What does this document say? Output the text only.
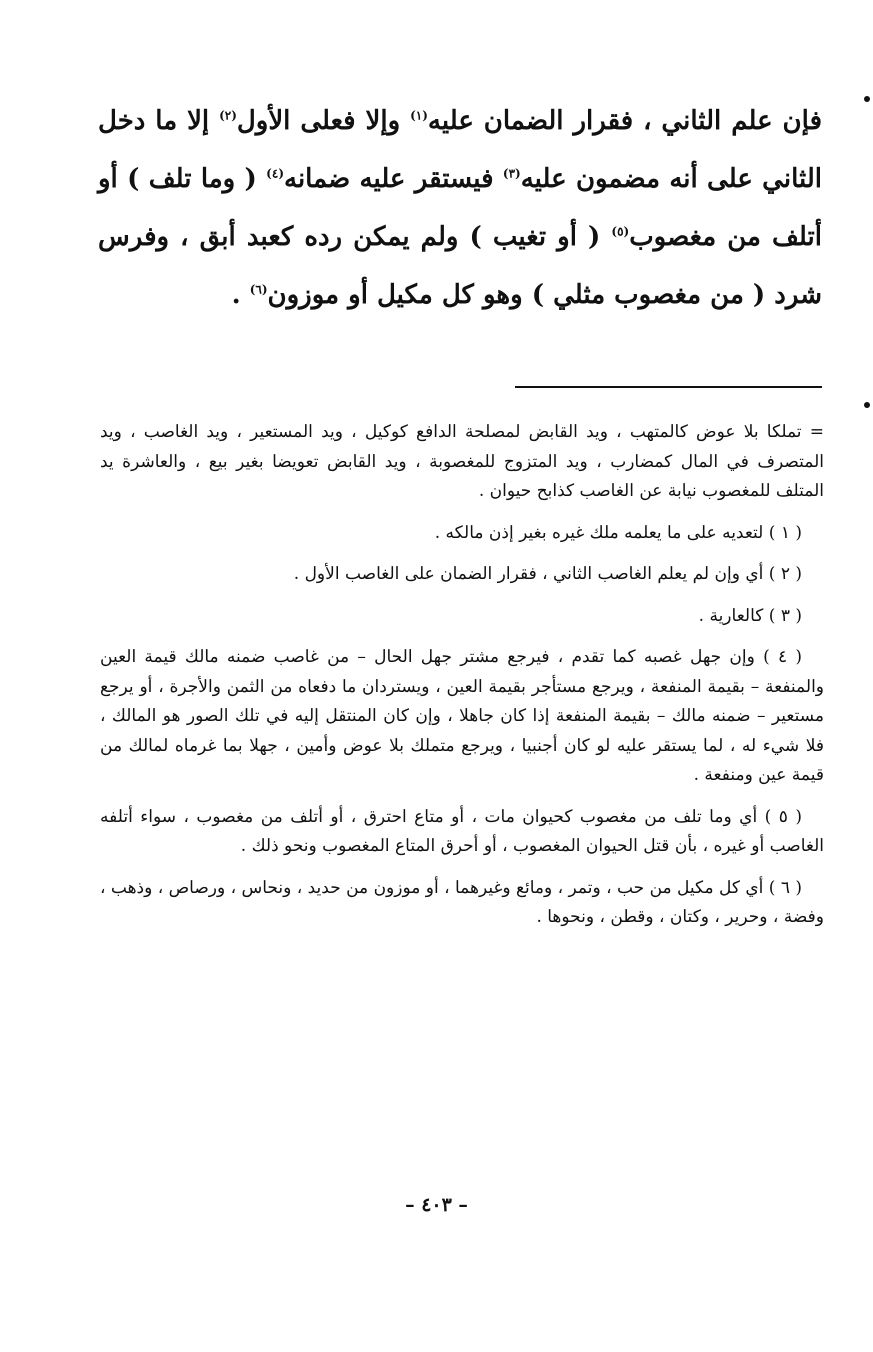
فإن علم الثاني ، فقرار الضمان عليه$^{(١)}$ وإلا فعلى الأول$^{(٢)}$ إلا ما دخل الثاني على أنه مضمون عليه$^{(٣)}$ فيستقر عليه ضمانه$^{(٤)}$ ( وما تلف ) أو أتلف من مغصوب$^{(٥)}$ ( أو تغيب ) ولم يمكن رده كعبد أبق ، وفرس شرد ( من مغصوب مثلي ) وهو كل مكيل أو موزون$^{(٦)}$ .

= تملكا بلا عوض كالمتهب ، ويد القابض لمصلحة الدافع كوكيل ، ويد المستعير ، ويد الغاصب ، ويد المتصرف في المال كمضارب ، ويد المتزوج للمغصوبة ، ويد القابض تعويضا بغير بيع ، والعاشرة يد المتلف للمغصوب نيابة عن الغاصب كذابح حيوان .

( ١ ) لتعديه على ما يعلمه ملك غيره بغير إذن مالكه .

( ٢ ) أي وإن لم يعلم الغاصب الثاني ، فقرار الضمان على الغاصب الأول .

( ٣ ) كالعارية .

( ٤ ) وإن جهل غصبه كما تقدم ، فيرجع مشتر جهل الحال – من غاصب ضمنه مالك قيمة العين والمنفعة – بقيمة المنفعة ، ويرجع مستأجر بقيمة العين ، ويستردان ما دفعاه من الثمن والأجرة ، أو يرجع مستعير – ضمنه مالك – بقيمة المنفعة إذا كان جاهلا ، وإن كان المنتقل إليه في تلك الصور هو المالك ، فلا شيء له ، لما يستقر عليه لو كان أجنبيا ، ويرجع متملك بلا عوض وأمين ، جهلا بما غرماه لمالك من قيمة عين ومنفعة .

( ٥ ) أي وما تلف من مغصوب كحيوان مات ، أو متاع احترق ، أو أتلف من مغصوب ، سواء أتلفه الغاصب أو غيره ، بأن قتل الحيوان المغصوب ، أو أحرق المتاع المغصوب ونحو ذلك .

( ٦ ) أي كل مكيل من حب ، وتمر ، ومائع وغيرهما ، أو موزون من حديد ، ونحاس ، ورصاص ، وذهب ، وفضة ، وحرير ، وكتان ، وقطن ، ونحوها .

– ٤٠٣ –
